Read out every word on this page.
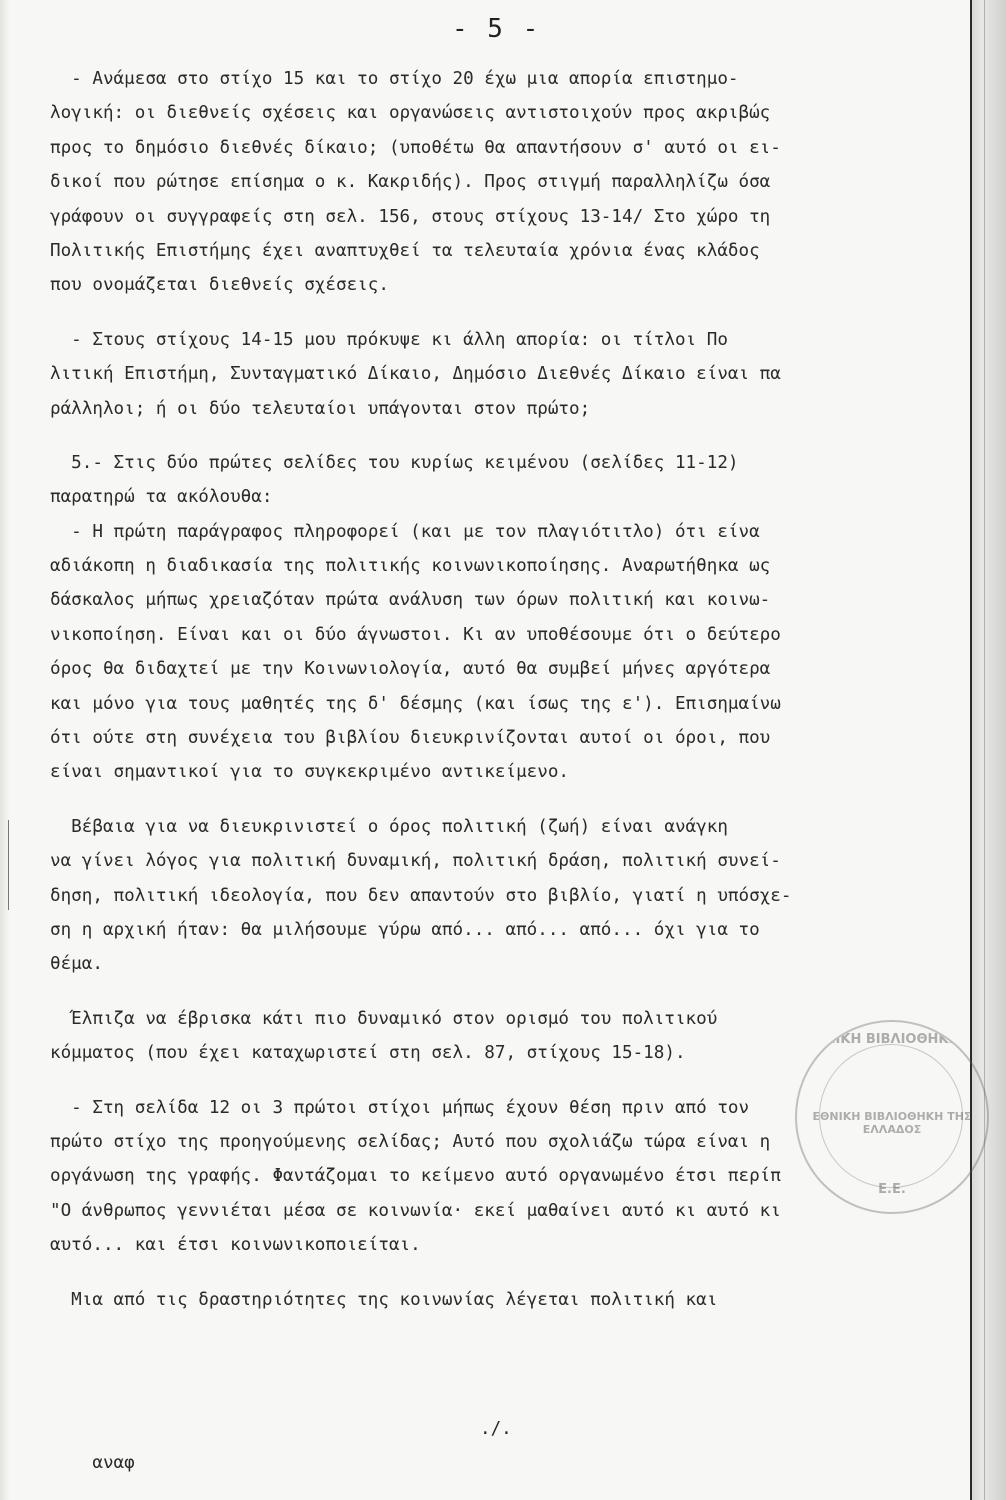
- 5 -
ΝΙΚΗ ΒΙΒΛΙΟΘΗΚΗ
ΕΘΝΙΚΗ ΒΙΒΛΙΟΘΗΚΗ ΤΗΣ ΕΛΛΑΔΟΣ
Ε.Ε.
- Ανάμεσα στο στίχο 15 και το στίχο 20 έχω μια απορία επιστημο-
λογική: οι διεθνείς σχέσεις και οργανώσεις αντιστοιχούν προς ακριβώς
προς το δημόσιο διεθνές δίκαιο; (υποθέτω θα απαντήσουν σ' αυτό οι ει-
δικοί που ρώτησε επίσημα ο κ. Κακριδής). Προς στιγμή παραλληλίζω όσα
γράφουν οι συγγραφείς στη σελ. 156, στους στίχους 13-14/ Στο χώρο τη
Πολιτικής Επιστήμης έχει αναπτυχθεί τα τελευταία χρόνια ένας κλάδος
που ονομάζεται διεθνείς σχέσεις.
- Στους στίχους 14-15 μου πρόκυψε κι άλλη απορία: οι τίτλοι Πο
λιτική Επιστήμη, Συνταγματικό Δίκαιο, Δημόσιο Διεθνές Δίκαιο είναι πα
ράλληλοι; ή οι δύο τελευταίοι υπάγονται στον πρώτο;
5.- Στις δύο πρώτες σελίδες του κυρίως κειμένου (σελίδες 11-12)
παρατηρώ τα ακόλουθα:
- Η πρώτη παράγραφος πληροφορεί (και με τον πλαγιότιτλο) ότι είνα
αδιάκοπη η διαδικασία της πολιτικής κοινωνικοποίησης. Αναρωτήθηκα ως
δάσκαλος μήπως χρειαζόταν πρώτα ανάλυση των όρων πολιτική και κοινω-
νικοποίηση. Είναι και οι δύο άγνωστοι. Κι αν υποθέσουμε ότι ο δεύτερο
όρος θα διδαχτεί με την Κοινωνιολογία, αυτό θα συμβεί μήνες αργότερα
και μόνο για τους μαθητές της δ' δέσμης (και ίσως της ε'). Επισημαίνω
ότι ούτε στη συνέχεια του βιβλίου διευκρινίζονται αυτοί οι όροι, που
είναι σημαντικοί για το συγκεκριμένο αντικείμενο.
Βέβαια για να διευκρινιστεί ο όρος πολιτική (ζωή) είναι ανάγκη
να γίνει λόγος για πολιτική δυναμική, πολιτική δράση, πολιτική συνεί-
δηση, πολιτική ιδεολογία, που δεν απαντούν στο βιβλίο, γιατί η υπόσχε-
ση η αρχική ήταν: θα μιλήσουμε γύρω από... από... από... όχι για το
θέμα.
Έλπιζα να έβρισκα κάτι πιο δυναμικό στον ορισμό του πολιτικού
κόμματος (που έχει καταχωριστεί στη σελ. 87, στίχους 15-18).
- Στη σελίδα 12 οι 3 πρώτοι στίχοι μήπως έχουν θέση πριν από τον
πρώτο στίχο της προηγούμενης σελίδας; Αυτό που σχολιάζω τώρα είναι η
οργάνωση της γραφής. Φαντάζομαι το κείμενο αυτό οργανωμένο έτσι περίπ
"Ο άνθρωπος γεννιέται μέσα σε κοινωνία· εκεί μαθαίνει αυτό κι αυτό κι
αυτό... και έτσι κοινωνικοποιείται.
Μια από τις δραστηριότητες της κοινωνίας λέγεται πολιτική και

αναφ

./.
